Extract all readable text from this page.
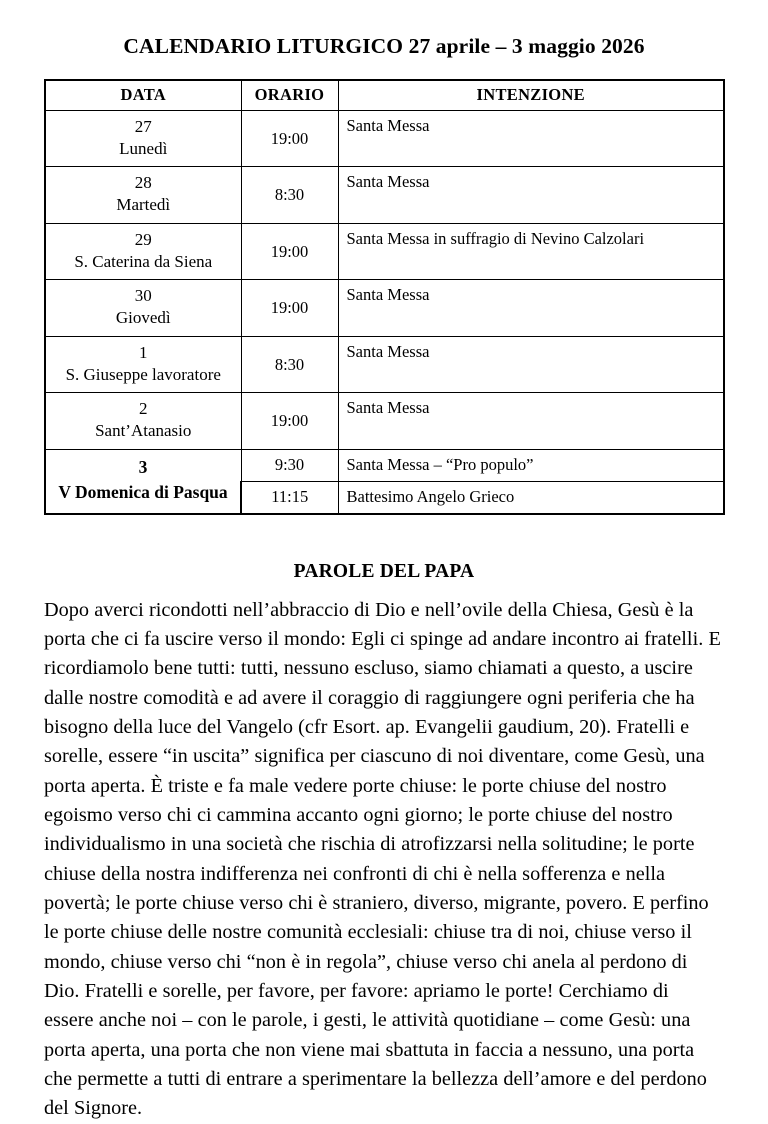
CALENDARIO LITURGICO 27 aprile – 3 maggio 2026
DATA	ORARIO	INTENZIONE

27
Lunedì	19:00	Santa Messa

28
Martedì	8:30	Santa Messa

29
S. Caterina da Siena	19:00	Santa Messa in suffragio di Nevino Calzolari

30
Giovedì	19:00	Santa Messa

1
S. Giuseppe lavoratore	8:30	Santa Messa

2
Sant’Atanasio	19:00	Santa Messa

3
V Domenica di Pasqua	9:30	Santa Messa – “Pro populo”
	11:15	Battesimo Angelo Grieco
PAROLE DEL PAPA

Dopo averci ricondotti nell’abbraccio di Dio e nell’ovile della Chiesa, Gesù è la porta che ci fa uscire verso il mondo: Egli ci spinge ad andare incontro ai fratelli. E ricordiamolo bene tutti: tutti, nessuno escluso, siamo chiamati a questo, a uscire dalle nostre comodità e ad avere il coraggio di raggiungere ogni periferia che ha bisogno della luce del Vangelo (cfr Esort. ap. Evangelii gaudium, 20). Fratelli e sorelle, essere “in uscita” significa per ciascuno di noi diventare, come Gesù, una porta aperta. È triste e fa male vedere porte chiuse: le porte chiuse del nostro egoismo verso chi ci cammina accanto ogni giorno; le porte chiuse del nostro individualismo in una società che rischia di atrofizzarsi nella solitudine; le porte chiuse della nostra indifferenza nei confronti di chi è nella sofferenza e nella povertà; le porte chiuse verso chi è straniero, diverso, migrante, povero. E perfino le porte chiuse delle nostre comunità ecclesiali: chiuse tra di noi, chiuse verso il mondo, chiuse verso chi “non è in regola”, chiuse verso chi anela al perdono di Dio. Fratelli e sorelle, per favore, per favore: apriamo le porte! Cerchiamo di essere anche noi – con le parole, i gesti, le attività quotidiane – come Gesù: una porta aperta, una porta che non viene mai sbattuta in faccia a nessuno, una porta che permette a tutti di entrare a sperimentare la bellezza dell’amore e del perdono del Signore.
